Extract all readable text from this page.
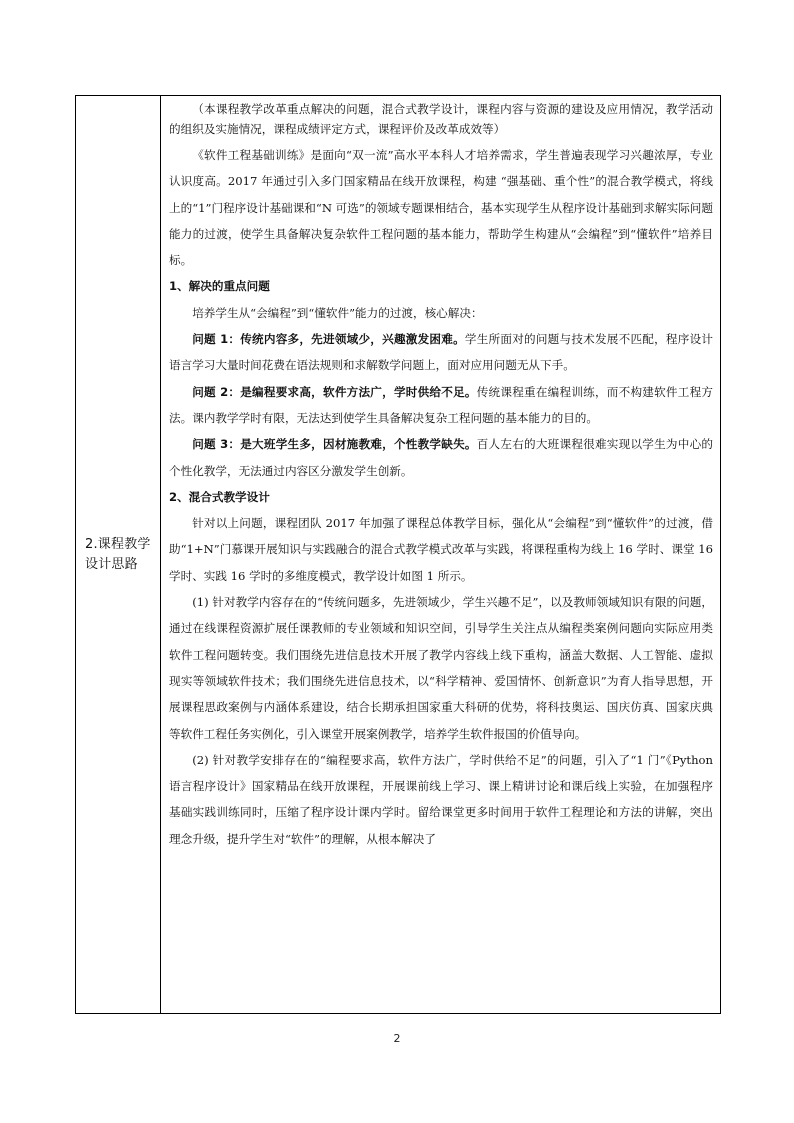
2.课程教学设计思路

（本课程教学改革重点解决的问题，混合式教学设计，课程内容与资源的建设及应用情况，教学活动的组织及实施情况，课程成绩评定方式，课程评价及改革成效等）

《软件工程基础训练》是面向“双一流”高水平本科人才培养需求，学生普遍表现学习兴趣浓厚，专业认识度高。2017 年通过引入多门国家精品在线开放课程，构建 “强基础、重个性”的混合教学模式，将线上的“1”门程序设计基础课和“N 可选”的领域专题课相结合，基本实现学生从程序设计基础到求解实际问题能力的过渡，使学生具备解决复杂软件工程问题的基本能力，帮助学生构建从“会编程”到“懂软件”培养目标。

1、解决的重点问题

培养学生从“会编程”到“懂软件”能力的过渡，核心解决：

问题 1：传统内容多，先进领域少，兴趣激发困难。学生所面对的问题与技术发展不匹配，程序设计语言学习大量时间花费在语法规则和求解数学问题上，面对应用问题无从下手。

问题 2：是编程要求高，软件方法广，学时供给不足。传统课程重在编程训练，而不构建软件工程方法。课内教学学时有限，无法达到使学生具备解决复杂工程问题的基本能力的目的。

问题 3：是大班学生多，因材施教难，个性教学缺失。百人左右的大班课程很难实现以学生为中心的个性化教学，无法通过内容区分激发学生创新。

2、混合式教学设计

针对以上问题，课程团队 2017 年加强了课程总体教学目标，强化从“会编程”到“懂软件”的过渡，借助“1+N”门慕课开展知识与实践融合的混合式教学模式改革与实践，将课程重构为线上 16 学时、课堂 16 学时、实践 16 学时的多维度模式，教学设计如图 1 所示。

(1) 针对教学内容存在的“传统问题多，先进领域少，学生兴趣不足”，以及教师领域知识有限的问题，通过在线课程资源扩展任课教师的专业领域和知识空间，引导学生关注点从编程类案例问题向实际应用类软件工程问题转变。我们围绕先进信息技术开展了教学内容线上线下重构，涵盖大数据、人工智能、虚拟现实等领域软件技术；我们围绕先进信息技术，以“科学精神、爱国情怀、创新意识”为育人指导思想，开展课程思政案例与内涵体系建设，结合长期承担国家重大科研的优势，将科技奥运、国庆仿真、国家庆典等软件工程任务实例化，引入课堂开展案例教学，培养学生软件报国的价值导向。

(2) 针对教学安排存在的“编程要求高，软件方法广，学时供给不足”的问题，引入了“1 门”《Python 语言程序设计》国家精品在线开放课程，开展课前线上学习、课上精讲讨论和课后线上实验，在加强程序基础实践训练同时，压缩了程序设计课内学时。留给课堂更多时间用于软件工程理论和方法的讲解，突出理念升级，提升学生对“软件”的理解，从根本解决了

2
